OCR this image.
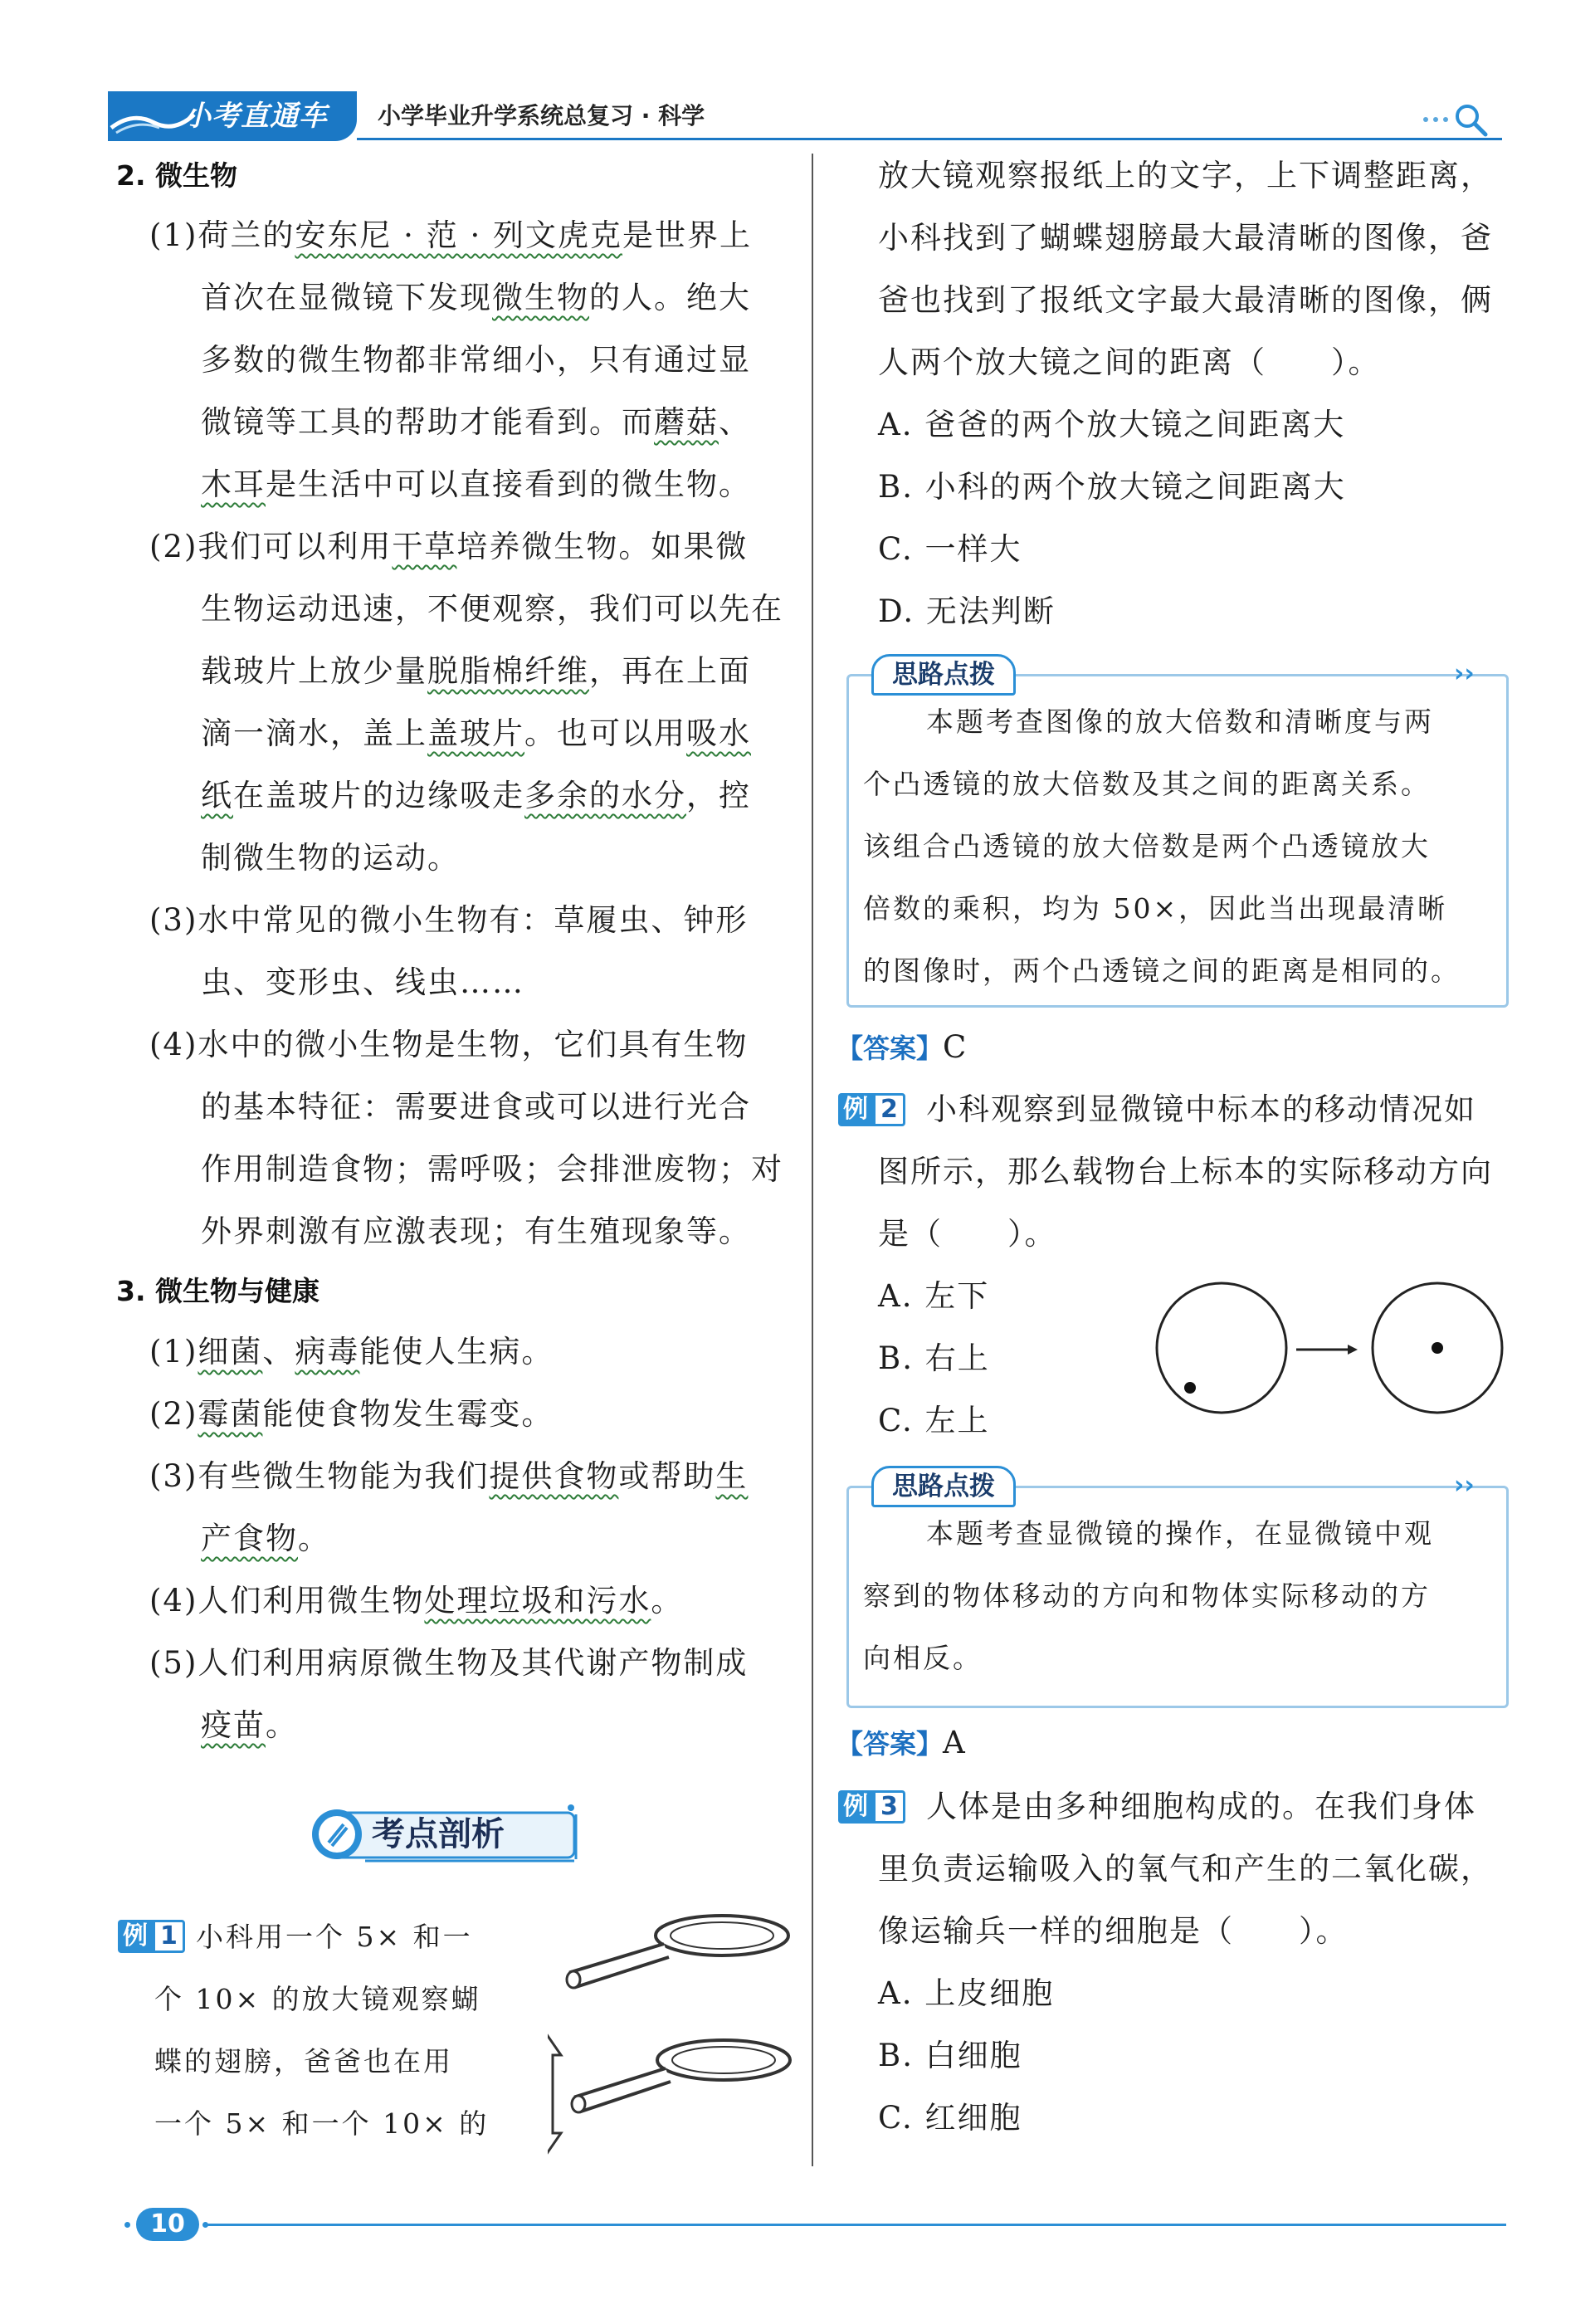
小考直通车	小学毕业升学系统总复习 · 科学
2. 微生物
(1)荷兰的安东尼 · 范 · 列文虎克是世界上
首次在显微镜下发现微生物的人。绝大
多数的微生物都非常细小，只有通过显
微镜等工具的帮助才能看到。而蘑菇、
木耳是生活中可以直接看到的微生物。
(2)我们可以利用干草培养微生物。如果微
生物运动迅速，不便观察，我们可以先在
载玻片上放少量脱脂棉纤维，再在上面
滴一滴水，盖上盖玻片。也可以用吸水
纸在盖玻片的边缘吸走多余的水分，控
制微生物的运动。
(3)水中常见的微小生物有：草履虫、钟形
虫、变形虫、线虫……
(4)水中的微小生物是生物，它们具有生物
的基本特征：需要进食或可以进行光合
作用制造食物；需呼吸；会排泄废物；对
外界刺激有应激表现；有生殖现象等。
3. 微生物与健康
(1)细菌、病毒能使人生病。
(2)霉菌能使食物发生霉变。
(3)有些微生物能为我们提供食物或帮助生
产食物。
(4)人们利用微生物处理垃圾和污水。
(5)人们利用病原微生物及其代谢产物制成
疫苗。
考点剖析
例 1 小科用一个 5× 和一
个 10× 的放大镜观察蝴
蝶的翅膀，爸爸也在用
一个 5× 和一个 10× 的
放大镜观察报纸上的文字，上下调整距离，
小科找到了蝴蝶翅膀最大最清晰的图像，爸
爸也找到了报纸文字最大最清晰的图像，俩
人两个放大镜之间的距离（　　）。
A. 爸爸的两个放大镜之间距离大
B. 小科的两个放大镜之间距离大
C. 一样大
D. 无法判断
思路点拨	››
本题考查图像的放大倍数和清晰度与两
个凸透镜的放大倍数及其之间的距离关系。
该组合凸透镜的放大倍数是两个凸透镜放大
倍数的乘积，均为 50×，因此当出现最清晰
的图像时，两个凸透镜之间的距离是相同的。
【答案】C
例 2 小科观察到显微镜中标本的移动情况如
图所示，那么载物台上标本的实际移动方向
是（　　）。
A. 左下
B. 右上
C. 左上
思路点拨	››
本题考查显微镜的操作，在显微镜中观
察到的物体移动的方向和物体实际移动的方
向相反。
【答案】A
例 3 人体是由多种细胞构成的。在我们身体
里负责运输吸入的氧气和产生的二氧化碳，
像运输兵一样的细胞是（　　）。
A. 上皮细胞
B. 白细胞
C. 红细胞
10
